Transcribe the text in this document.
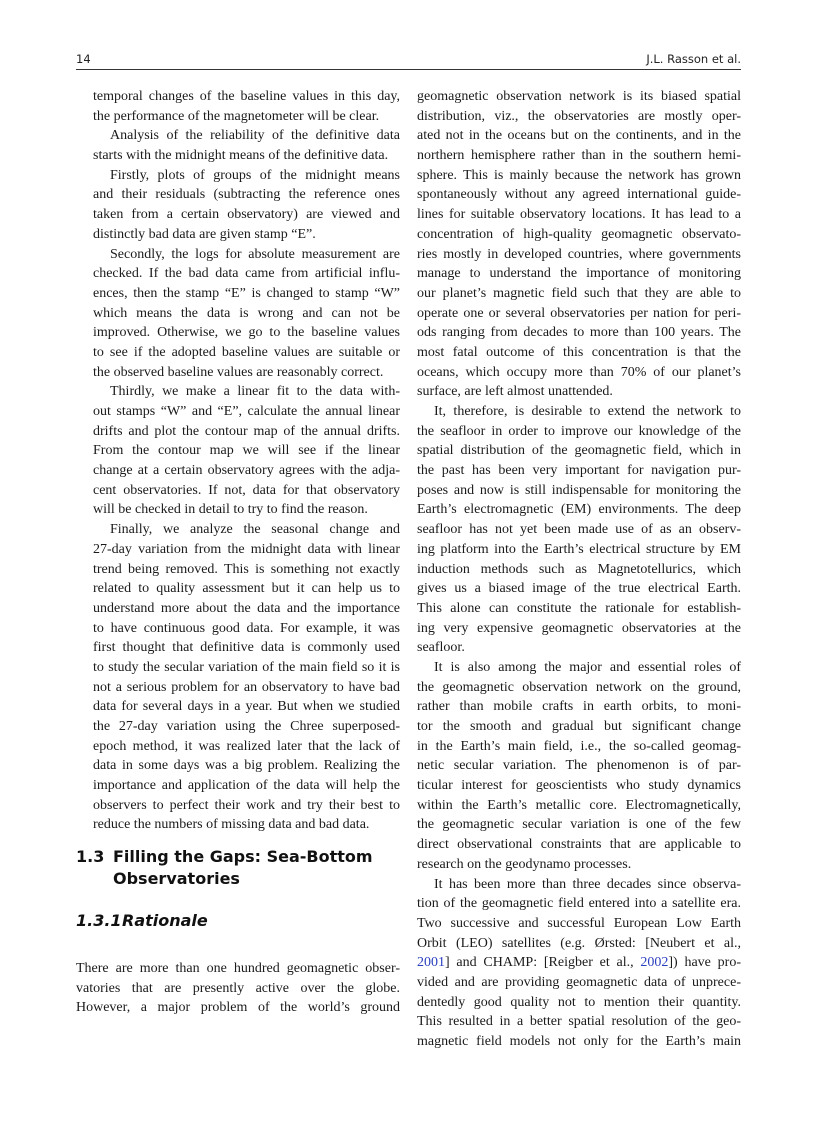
14	J.L. Rasson et al.
temporal changes of the baseline values in this day,
the performance of the magnetometer will be clear.
Analysis of the reliability of the definitive data
starts with the midnight means of the definitive data.
Firstly, plots of groups of the midnight means
and their residuals (subtracting the reference ones
taken from a certain observatory) are viewed and
distinctly bad data are given stamp “E”.
Secondly, the logs for absolute measurement are
checked. If the bad data came from artificial influ-
ences, then the stamp “E” is changed to stamp “W”
which means the data is wrong and can not be
improved. Otherwise, we go to the baseline values
to see if the adopted baseline values are suitable or
the observed baseline values are reasonably correct.
Thirdly, we make a linear fit to the data with-
out stamps “W” and “E”, calculate the annual linear
drifts and plot the contour map of the annual drifts.
From the contour map we will see if the linear
change at a certain observatory agrees with the adja-
cent observatories. If not, data for that observatory
will be checked in detail to try to find the reason.
Finally, we analyze the seasonal change and
27-day variation from the midnight data with linear
trend being removed. This is something not exactly
related to quality assessment but it can help us to
understand more about the data and the importance
to have continuous good data. For example, it was
first thought that definitive data is commonly used
to study the secular variation of the main field so it is
not a serious problem for an observatory to have bad
data for several days in a year. But when we studied
the 27-day variation using the Chree superposed-
epoch method, it was realized later that the lack of
data in some days was a big problem. Realizing the
importance and application of the data will help the
observers to perfect their work and try their best to
reduce the numbers of missing data and bad data.
1.3 Filling the Gaps: Sea-Bottom
Observatories
1.3.1Rationale
There are more than one hundred geomagnetic obser-
vatories that are presently active over the globe.
However, a major problem of the world’s ground
geomagnetic observation network is its biased spatial
distribution, viz., the observatories are mostly oper-
ated not in the oceans but on the continents, and in the
northern hemisphere rather than in the southern hemi-
sphere. This is mainly because the network has grown
spontaneously without any agreed international guide-
lines for suitable observatory locations. It has lead to a
concentration of high-quality geomagnetic observato-
ries mostly in developed countries, where governments
manage to understand the importance of monitoring
our planet’s magnetic field such that they are able to
operate one or several observatories per nation for peri-
ods ranging from decades to more than 100 years. The
most fatal outcome of this concentration is that the
oceans, which occupy more than 70% of our planet’s
surface, are left almost unattended.
It, therefore, is desirable to extend the network to
the seafloor in order to improve our knowledge of the
spatial distribution of the geomagnetic field, which in
the past has been very important for navigation pur-
poses and now is still indispensable for monitoring the
Earth’s electromagnetic (EM) environments. The deep
seafloor has not yet been made use of as an observ-
ing platform into the Earth’s electrical structure by EM
induction methods such as Magnetotellurics, which
gives us a biased image of the true electrical Earth.
This alone can constitute the rationale for establish-
ing very expensive geomagnetic observatories at the
seafloor.
It is also among the major and essential roles of
the geomagnetic observation network on the ground,
rather than mobile crafts in earth orbits, to moni-
tor the smooth and gradual but significant change
in the Earth’s main field, i.e., the so-called geomag-
netic secular variation. The phenomenon is of par-
ticular interest for geoscientists who study dynamics
within the Earth’s metallic core. Electromagnetically,
the geomagnetic secular variation is one of the few
direct observational constraints that are applicable to
research on the geodynamo processes.
It has been more than three decades since observa-
tion of the geomagnetic field entered into a satellite era.
Two successive and successful European Low Earth
Orbit (LEO) satellites (e.g. Ørsted: [Neubert et al.,
2001] and CHAMP: [Reigber et al., 2002]) have pro-
vided and are providing geomagnetic data of unprece-
dentedly good quality not to mention their quantity.
This resulted in a better spatial resolution of the geo-
magnetic field models not only for the Earth’s main
